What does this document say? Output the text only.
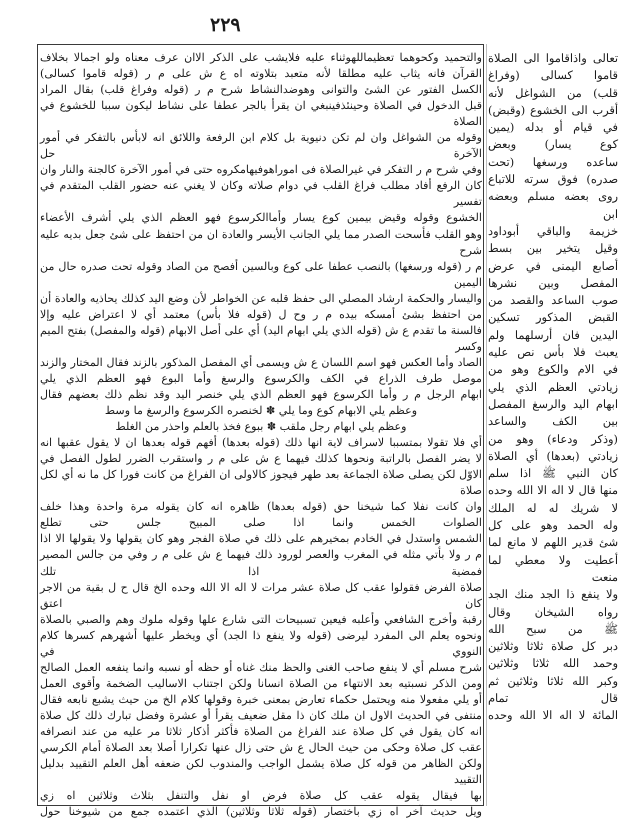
٢٢٩

والتحميد وكحوهما تعظيماللهوثناء عليه فلايشب على الذكر الاان عرف معناه ولو اجمالا بخلاف

القرآن فانه يثاب عليه مطلقا لأنه متعبد بتلاوته اه ع ش على م ر (قوله قاموا كسالى)

الكسل الفتور عن الشئ والتوانى وهوضدالنشاط شرح م ر (قوله وفراغ قلب) بقال المراد

قبل الدخول في الصلاة وحينئذفينبغي ان يقرأ بالجر عطفا على نشاط ليكون سببا للخشوع في الصلاة

وقوله من الشواغل وان لم تكن دنيوية بل كلام ابن الرفعة واللائق انه لابأس بالتفكر في أمور الآخرة حل

وفي شرح م ر التفكر في غيرالصلاة فى اموراهوفيهامكروه حتى في أمور الآخرة كالجنة والنار وان

كان الرفع أفاد مطلب فراغ القلب في دوام صلاته وكان لا يغني عنه حضور القلب المتقدم في تفسير

الخشوع وقوله وقيض بيمين كوع يسار وأماالكرسوع فهو العظم الذي يلي أشرف الأعضاء

وهو القلب فأسحت الصدر مما يلي الجانب الأيسر والعادة ان من احتفظ على شئ جعل بديه عليه شرح

م ر (قوله ورسغها) بالنصب عطفا على كوع وبالسين أفصح من الصاد وقوله تحت صدره حال من اليمين

واليسار والحكمة ارشاد المصلي الى حفظ قلبه عن الخواطر لأن وضع اليد كذلك يحاذيه والعادة أن

من احتفظ بشئ أمسكه بيده م ر وح ل (قوله فلا بأس) معتمد أي لا اعتراض عليه وإلا

فالسنة ما تقدم ع ش (قوله الذي يلي ابهام اليد) أي على أصل الابهام (قوله والمفصل) بفتح الميم وكسر

الصاد وأما العكس فهو اسم اللسان ع ش ويسمى أي المفصل المذكور بالزند فقال المختار والزند

موصل طرف الذراع في الكف والكرسوع والرسغ وأما البوع فهو العظم الذي يلي

ابهام الرجل م ر وأما الكرسوع فهو العظم الذي يلي خنصر اليد وقد نظم ذلك بعضهم فقال

وعظم يلي الابهام كوع وما يلي ✽ لخنصره الكرسوع والرسغ ما وسط

وعظم يلي ابهام رجل ملقب ✽ ببوع فخذ بالعلم واحذر من الغلط

أي فلا تقولا بمتسببا لاسراف لاية انها ذلك (قوله بعدها) أفهم قوله بعدها ان لا يقول عقبها انه

لا يضر الفصل بالراتبة ونحوها كذلك فيهما ع ش على م ر واستقرب الضرر لطول الفصل في

الاوّل لكن يصلى صلاة الجماعة بعد طهر فيجوز كالاولى ان الفراغ من كانت فورا كل ما نه أي لكل صلاة

وان كانت نفلا كما شيخنا حق (قوله بعدها) ظاهره انه كان يقوله مرة واحدة وهذا خلف

الصلوات الخمس وانما اذا صلى المبيح جلس حتى تطلع

الشمس واستدل في الخادم بمخيرهم على ذلك في صلاة الفجر وهو كان يقولها ولا يقولها الا اذا

م ر ولا بأتي مثله في المغرب والعصر لورود ذلك فيهما ع ش على م ر وفي من جالس المصير فمضية اذا تلك

صلاة الفرض فقولوا عقب كل صلاة عشر مرات لا اله الا الله وحده الخ قال ح ل بقية من الاجر كان اعتق

رقبة وأخرج الشافعي وأعلبه فيعين تسبيحات التى شارع علها وقوله ملوك وهم والصبي بالصلاة

ونحوه يعلم الى المفرد ليرضى (قوله ولا ينفع ذا الجد) أي ويخطر عليها أشهرهم كسرها كلام النووي في

شرح مسلم أي لا ينفع صاحب الغنى والحظ منك غناه أو حظه أو نسبه وانما ينفعه العمل الصالح

ومن الذكر نسبتيه بعد الانتهاء من الصلاة انسانا ولكن اجتناب الاساليب الضخمة وأقوى العمل

أو يلي مفعولا منه ويحتمل حكماء تعارض بمعنى خبرة وقولها كلام الخ من حيث يشبع نابعه فقال

منتفى في الحديث الاول ان ملك كان ذا مقل ضعيف يقرأ أو عشرة وفضل تبارك ذلك كل صلاة

انه كان يقول في كل صلاة عند الفراغ من الصلاة فأكثر أذكار ثلاثا مر عليه من عند انصرافه

عقب كل صلاة وحكى من حيث الحال ع ش حتى زال عنها تكرارا أصلا بعد الصلاة أمام الكرسي

ولكن الظاهر من قوله كل صلاة يشمل الواجب والمندوب لكن ضعفه أهل العلم التقييد بدليل التقييد

بها فيقال يقوله عقب كل صلاة فرض او نفل والتنفل بثلاث وثلاثين اه زي

ويل حديث آخر اه زي باختصار (قوله ثلاثا وثلاثين) الذي اعتمده جمع من شيوخنا حول

تعالى واذاقاموا الى الصلاة

قاموا كسالى (وفراغ

قلب) من الشواغل لأنه

أقرب الى الخشوع (وقبض)

في قيام أو بدله (يمين

كوع يسار) وبعض

ساعده ورسغها (تحت

صدره) فوق سرته للاتباع

روى بعضه مسلم وبعضه ابن

خزيمة والباقي أبوداود

وقيل يتخير بين بسط

أصابع اليمنى في عرض

المفصل وبين نشرها

صوب الساعد والقصد من

القبض المذكور تسكين

اليدين فان أرسلهما ولم

يعبث فلا بأس نص عليه

في الام والكوع وهو من

زيادتي العظم الذي يلي

ابهام اليد والرسغ المفصل

بين الكف والساعد

(وذكر ودعاء) وهو من

زيادتي (بعدها) أي الصلاة

كان النبي ﷺ اذا سلم

منها قال لا اله الا الله وحده

لا شريك له له الملك

وله الحمد وهو على كل

شئ قدير اللهم لا مانع لما

أعطيت ولا معطي لما منعت

ولا ينفع ذا الجد منك الجد

رواه الشيخان وقال

ﷺ من سبح الله

دبر كل صلاة ثلاثا وثلاثين

وحمد الله ثلاثا وثلاثين

وكبر الله ثلاثا وثلاثين ثم قال تمام

المائة لا اله الا الله وحده
